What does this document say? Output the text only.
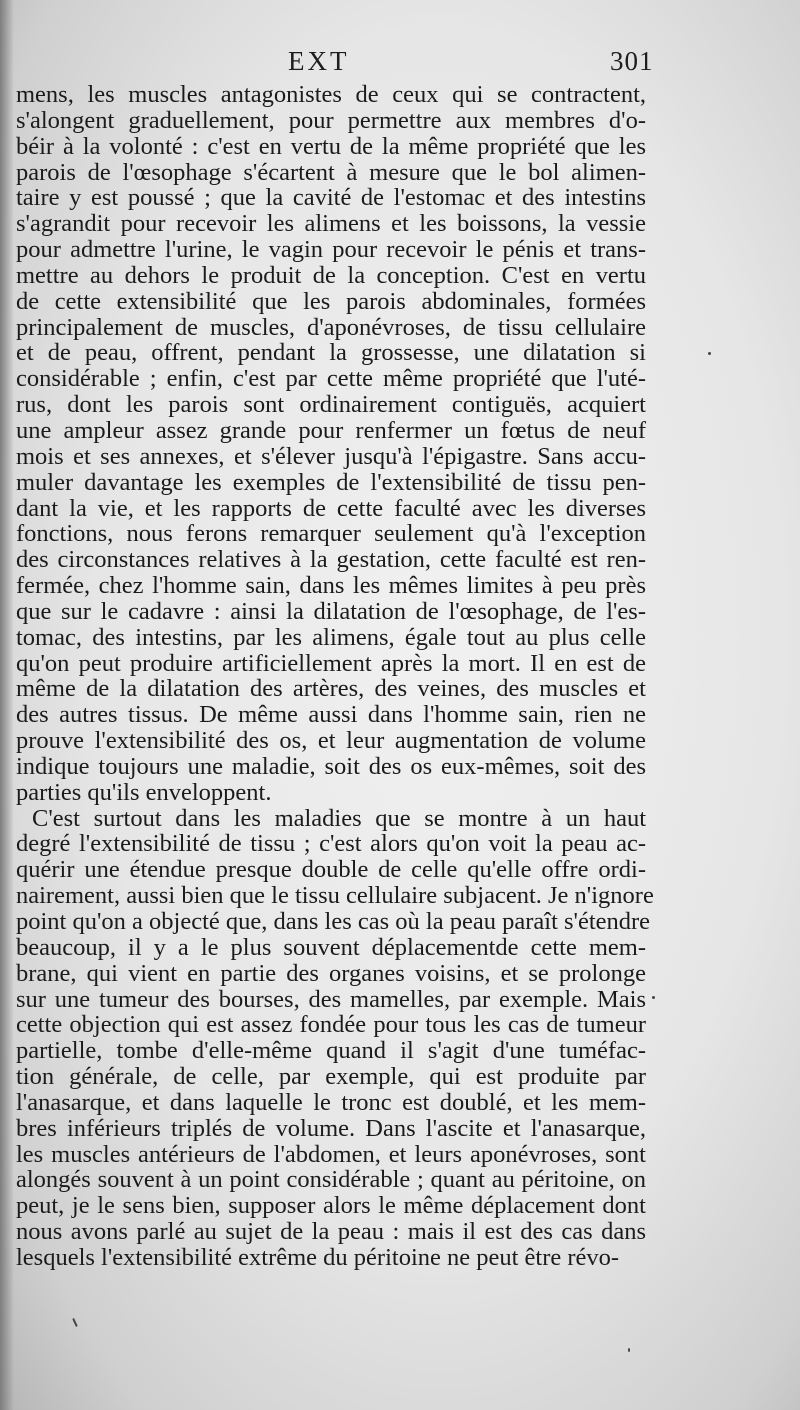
EXT	301
mens, les muscles antagonistes de ceux qui se contractent,
s'alongent graduellement, pour permettre aux membres d'o-
béir à la volonté : c'est en vertu de la même propriété que les
parois de l'œsophage s'écartent à mesure que le bol alimen-
taire y est poussé ; que la cavité de l'estomac et des intestins
s'agrandit pour recevoir les alimens et les boissons, la vessie
pour admettre l'urine, le vagin pour recevoir le pénis et trans-
mettre au dehors le produit de la conception. C'est en vertu
de cette extensibilité que les parois abdominales, formées
principalement de muscles, d'aponévroses, de tissu cellulaire
et de peau, offrent, pendant la grossesse, une dilatation si
considérable ; enfin, c'est par cette même propriété que l'uté-
rus, dont les parois sont ordinairement contiguës, acquiert
une ampleur assez grande pour renfermer un fœtus de neuf
mois et ses annexes, et s'élever jusqu'à l'épigastre. Sans accu-
muler davantage les exemples de l'extensibilité de tissu pen-
dant la vie, et les rapports de cette faculté avec les diverses
fonctions, nous ferons remarquer seulement qu'à l'exception
des circonstances relatives à la gestation, cette faculté est ren-
fermée, chez l'homme sain, dans les mêmes limites à peu près
que sur le cadavre : ainsi la dilatation de l'œsophage, de l'es-
tomac, des intestins, par les alimens, égale tout au plus celle
qu'on peut produire artificiellement après la mort. Il en est de
même de la dilatation des artères, des veines, des muscles et
des autres tissus. De même aussi dans l'homme sain, rien ne
prouve l'extensibilité des os, et leur augmentation de volume
indique toujours une maladie, soit des os eux-mêmes, soit des
parties qu'ils enveloppent.
C'est surtout dans les maladies que se montre à un haut
degré l'extensibilité de tissu ; c'est alors qu'on voit la peau ac-
quérir une étendue presque double de celle qu'elle offre ordi-
nairement, aussi bien que le tissu cellulaire subjacent. Je n'ignore
point qu'on a objecté que, dans les cas où la peau paraît s'étendre
beaucoup, il y a le plus souvent déplacementde cette mem-
brane, qui vient en partie des organes voisins, et se prolonge
sur une tumeur des bourses, des mamelles, par exemple. Mais
cette objection qui est assez fondée pour tous les cas de tumeur
partielle, tombe d'elle-même quand il s'agit d'une tuméfac-
tion générale, de celle, par exemple, qui est produite par
l'anasarque, et dans laquelle le tronc est doublé, et les mem-
bres inférieurs triplés de volume. Dans l'ascite et l'anasarque,
les muscles antérieurs de l'abdomen, et leurs aponévroses, sont
alongés souvent à un point considérable ; quant au péritoine, on
peut, je le sens bien, supposer alors le même déplacement dont
nous avons parlé au sujet de la peau : mais il est des cas dans
lesquels l'extensibilité extrême du péritoine ne peut être révo-
